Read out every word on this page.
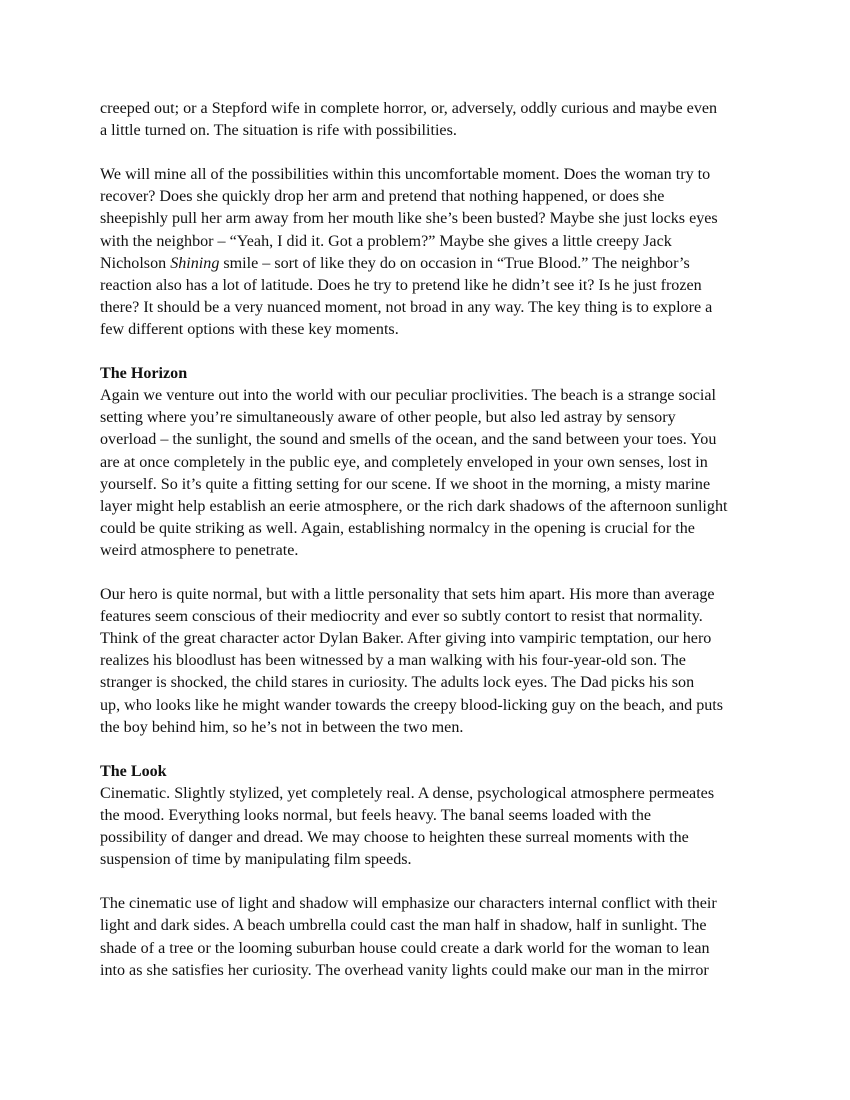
creeped out; or a Stepford wife in complete horror, or, adversely, oddly curious and maybe even
a little turned on. The situation is rife with possibilities.
We will mine all of the possibilities within this uncomfortable moment. Does the woman try to
recover? Does she quickly drop her arm and pretend that nothing happened, or does she
sheepishly pull her arm away from her mouth like she’s been busted? Maybe she just locks eyes
with the neighbor – “Yeah, I did it. Got a problem?” Maybe she gives a little creepy Jack
Nicholson Shining smile – sort of like they do on occasion in “True Blood.” The neighbor’s
reaction also has a lot of latitude. Does he try to pretend like he didn’t see it? Is he just frozen
there? It should be a very nuanced moment, not broad in any way. The key thing is to explore a
few different options with these key moments.
The Horizon
Again we venture out into the world with our peculiar proclivities. The beach is a strange social
setting where you’re simultaneously aware of other people, but also led astray by sensory
overload – the sunlight, the sound and smells of the ocean, and the sand between your toes. You
are at once completely in the public eye, and completely enveloped in your own senses, lost in
yourself. So it’s quite a fitting setting for our scene. If we shoot in the morning, a misty marine
layer might help establish an eerie atmosphere, or the rich dark shadows of the afternoon sunlight
could be quite striking as well. Again, establishing normalcy in the opening is crucial for the
weird atmosphere to penetrate.
Our hero is quite normal, but with a little personality that sets him apart. His more than average
features seem conscious of their mediocrity and ever so subtly contort to resist that normality.
Think of the great character actor Dylan Baker. After giving into vampiric temptation, our hero
realizes his bloodlust has been witnessed by a man walking with his four-year-old son. The
stranger is shocked, the child stares in curiosity. The adults lock eyes. The Dad picks his son
up, who looks like he might wander towards the creepy blood-licking guy on the beach, and puts
the boy behind him, so he’s not in between the two men.
The Look
Cinematic. Slightly stylized, yet completely real. A dense, psychological atmosphere permeates
the mood. Everything looks normal, but feels heavy. The banal seems loaded with the
possibility of danger and dread. We may choose to heighten these surreal moments with the
suspension of time by manipulating film speeds.
The cinematic use of light and shadow will emphasize our characters internal conflict with their
light and dark sides. A beach umbrella could cast the man half in shadow, half in sunlight. The
shade of a tree or the looming suburban house could create a dark world for the woman to lean
into as she satisfies her curiosity. The overhead vanity lights could make our man in the mirror
